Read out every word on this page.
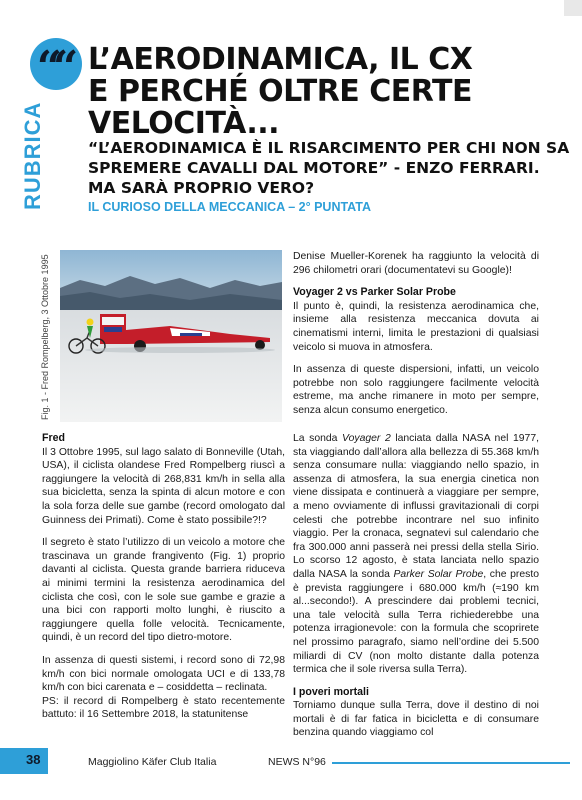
““
RUBRICA
L’AERODINAMICA, IL CX
E PERCHÉ OLTRE CERTE
VELOCITÀ...
“L’AERODINAMICA È IL RISARCIMENTO PER CHI NON SA
SPREMERE CAVALLI DAL MOTORE” - ENZO FERRARI.
MA SARÀ PROPRIO VERO?
IL CURIOSO DELLA MECCANICA – 2° PUNTATA
Fig. 1 - Fred Rompelberg, 3 Ottobre 1995	Denise Mueller-Korenek ha raggiunto la velocità di 296 chilometri orari (documentatevi su Google)!

Voyager 2 vs Parker Solar Probe

Il punto è, quindi, la resistenza aerodinamica che, insieme alla resistenza meccanica dovuta ai cinematismi interni, limita le prestazioni di qualsiasi veicolo si muova in atmosfera.

In assenza di queste dispersioni, infatti, un veicolo potrebbe non solo raggiungere facilmente velocità estreme, ma anche rimanere in moto per sempre, senza alcun consumo energetico.

Fred

Il 3 Ottobre 1995, sul lago salato di Bonneville (Utah, USA), il ciclista olandese Fred Rompelberg riuscì a raggiungere la velocità di 268,831 km/h in sella alla sua bicicletta, senza la spinta di alcun motore e con la sola forza delle sue gambe (record omologato dal Guinness dei Primati). Come è stato possibile?!?

Il segreto è stato l’utilizzo di un veicolo a motore che trascinava un grande frangivento (Fig. 1) proprio davanti al ciclista. Questa grande barriera riduceva ai minimi termini la resistenza aerodinamica del ciclista che così, con le sole sue gambe e grazie a una bici con rapporti molto lunghi, è riuscito a raggiungere quella folle velocità. Tecnicamente, quindi, è un record del tipo dietro-motore.

In assenza di questi sistemi, i record sono di 72,98 km/h con bici normale omologata UCI e di 133,78 km/h con bici carenata e – cosiddetta – reclinata.

PS: il record di Rompelberg è stato recentemente battuto: il 16 Settembre 2018, la statunitense

La sonda Voyager 2 lanciata dalla NASA nel 1977, sta viaggiando dall’allora alla bellezza di 55.368 km/h senza consumare nulla: viaggiando nello spazio, in assenza di atmosfera, la sua energia cinetica non viene dissipata e continuerà a viaggiare per sempre, a meno ovviamente di influssi gravitazionali di corpi celesti che potrebbe incontrare nel suo infinito viaggio. Per la cronaca, segnatevi sul calendario che fra 300.000 anni passerà nei pressi della stella Sirio. Lo scorso 12 agosto, è stata lanciata nello spazio dalla NASA la sonda Parker Solar Probe, che presto è prevista raggiungere i 680.000 km/h (≈190 km al...secondo!). A prescindere dai problemi tecnici, una tale velocità sulla Terra richiederebbe una potenza irragionevole: con la formula che scoprirete nel prossimo paragrafo, siamo nell’ordine dei 5.500 miliardi di CV (non molto distante dalla potenza termica che il sole riversa sulla Terra).

I poveri mortali

Torniamo dunque sulla Terra, dove il destino di noi mortali è di far fatica in bicicletta e di consumare benzina quando viaggiamo col

38	Maggiolino Käfer Club Italia	NEWS N°96
